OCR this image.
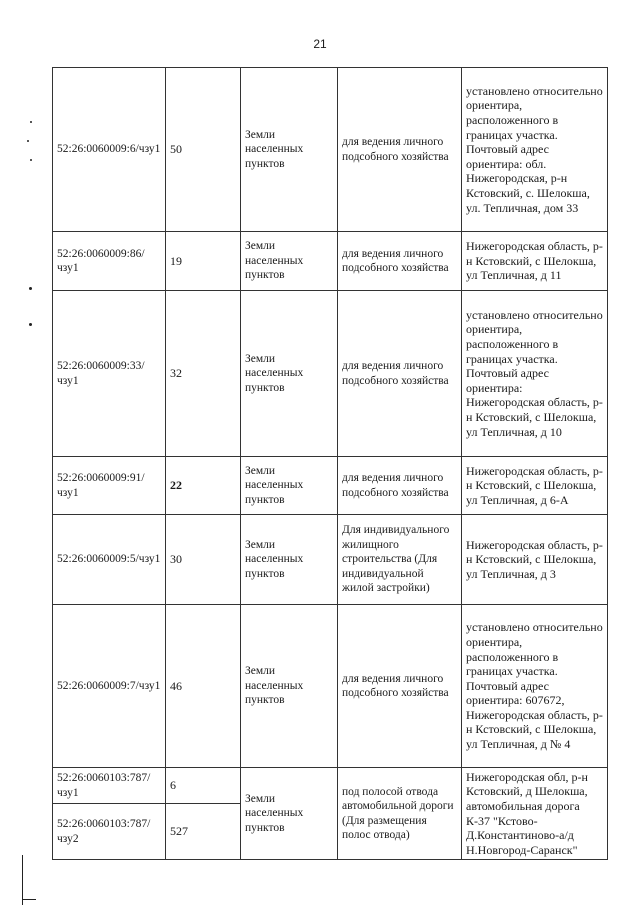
21
52:26:0060009:6/чзу1	50	Земли населенных пунктов	для ведения личного подсобного хозяйства	установлено относительно ориентира, расположенного в границах участка. Почтовый адрес ориентира: обл. Нижегородская, р-н Кстовский, с. Шелокша, ул. Тепличная, дом 33
52:26:0060009:86/чзу1	19	Земли населенных пунктов	для ведения личного подсобного хозяйства	Нижегородская область, р-н Кстовский, с Шелокша, ул Тепличная, д 11
52:26:0060009:33/чзу1	32	Земли населенных пунктов	для ведения личного подсобного хозяйства	установлено относительно ориентира, расположенного в границах участка. Почтовый адрес ориентира: Нижегородская область, р-н Кстовский, с Шелокша, ул Тепличная, д 10
52:26:0060009:91/чзу1	22	Земли населенных пунктов	для ведения личного подсобного хозяйства	Нижегородская область, р-н Кстовский, с Шелокша, ул Тепличная, д 6-А
52:26:0060009:5/чзу1	30	Земли населенных пунктов	Для индивидуального жилищного строительства (Для индивидуальной жилой застройки)	Нижегородская область, р-н Кстовский, с Шелокша, ул Тепличная, д 3
52:26:0060009:7/чзу1	46	Земли населенных пунктов	для ведения личного подсобного хозяйства	установлено относительно ориентира, расположенного в границах участка. Почтовый адрес ориентира: 607672, Нижегородская область, р-н Кстовский, с Шелокша, ул Тепличная, д № 4
52:26:0060103:787/чзу1	6	Земли населенных пунктов	под полосой отвода автомобильной дороги (Для размещения полос отвода)	Нижегородская обл, р-н Кстовский, д Шелокша, автомобильная дорога К-37 "Кстово-Д.Константиново-а/д Н.Новгород-Саранск"
52:26:0060103:787/чзу2	527			
